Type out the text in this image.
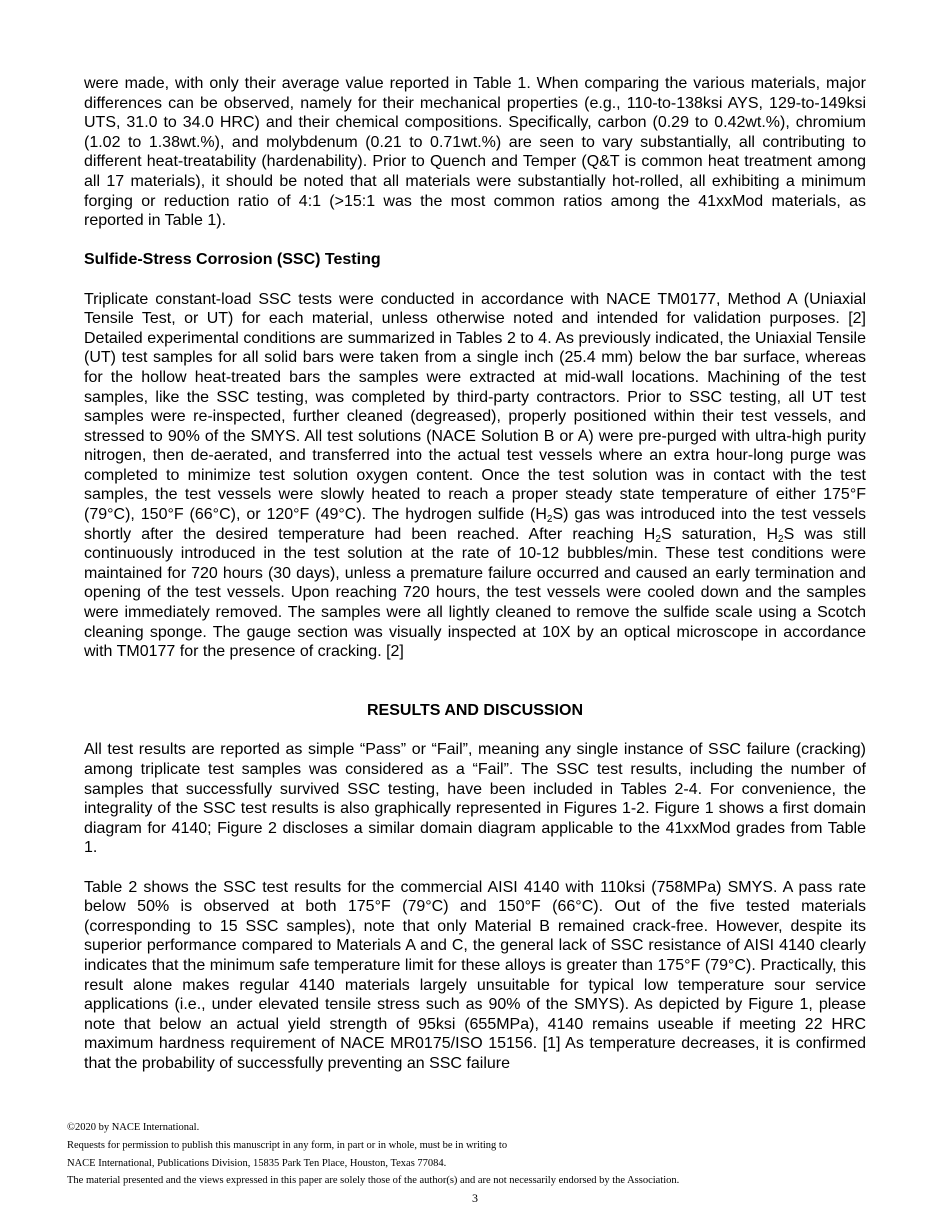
were made, with only their average value reported in Table 1. When comparing the various materials, major differences can be observed, namely for their mechanical properties (e.g., 110-to-138ksi AYS, 129-to-149ksi UTS, 31.0 to 34.0 HRC) and their chemical compositions. Specifically, carbon (0.29 to 0.42wt.%), chromium (1.02 to 1.38wt.%), and molybdenum (0.21 to 0.71wt.%) are seen to vary substantially, all contributing to different heat-treatability (hardenability). Prior to Quench and Temper (Q&T is common heat treatment among all 17 materials), it should be noted that all materials were substantially hot-rolled, all exhibiting a minimum forging or reduction ratio of 4:1 (>15:1 was the most common ratios among the 41xxMod materials, as reported in Table 1).

Sulfide-Stress Corrosion (SSC) Testing

Triplicate constant-load SSC tests were conducted in accordance with NACE TM0177, Method A (Uniaxial Tensile Test, or UT) for each material, unless otherwise noted and intended for validation purposes. [2] Detailed experimental conditions are summarized in Tables 2 to 4. As previously indicated, the Uniaxial Tensile (UT) test samples for all solid bars were taken from a single inch (25.4 mm) below the bar surface, whereas for the hollow heat-treated bars the samples were extracted at mid-wall locations. Machining of the test samples, like the SSC testing, was completed by third-party contractors. Prior to SSC testing, all UT test samples were re-inspected, further cleaned (degreased), properly positioned within their test vessels, and stressed to 90% of the SMYS. All test solutions (NACE Solution B or A) were pre-purged with ultra-high purity nitrogen, then de-aerated, and transferred into the actual test vessels where an extra hour-long purge was completed to minimize test solution oxygen content. Once the test solution was in contact with the test samples, the test vessels were slowly heated to reach a proper steady state temperature of either 175°F (79°C), 150°F (66°C), or 120°F (49°C). The hydrogen sulfide $(H_2S)$ gas was introduced into the test vessels shortly after the desired temperature had been reached. After reaching $H_2S$ saturation, $H_2S$ was still continuously introduced in the test solution at the rate of 10-12 bubbles/min. These test conditions were maintained for 720 hours (30 days), unless a premature failure occurred and caused an early termination and opening of the test vessels. Upon reaching 720 hours, the test vessels were cooled down and the samples were immediately removed. The samples were all lightly cleaned to remove the sulfide scale using a Scotch cleaning sponge. The gauge section was visually inspected at 10X by an optical microscope in accordance with TM0177 for the presence of cracking. [2]

RESULTS AND DISCUSSION

All test results are reported as simple “Pass” or “Fail”, meaning any single instance of SSC failure (cracking) among triplicate test samples was considered as a “Fail”. The SSC test results, including the number of samples that successfully survived SSC testing, have been included in Tables 2-4. For convenience, the integrality of the SSC test results is also graphically represented in Figures 1-2. Figure 1 shows a first domain diagram for 4140; Figure 2 discloses a similar domain diagram applicable to the 41xxMod grades from Table 1.

Table 2 shows the SSC test results for the commercial AISI 4140 with 110ksi (758MPa) SMYS. A pass rate below 50% is observed at both 175°F (79°C) and 150°F (66°C). Out of the five tested materials (corresponding to 15 SSC samples), note that only Material B remained crack-free. However, despite its superior performance compared to Materials A and C, the general lack of SSC resistance of AISI 4140 clearly indicates that the minimum safe temperature limit for these alloys is greater than 175°F (79°C). Practically, this result alone makes regular 4140 materials largely unsuitable for typical low temperature sour service applications (i.e., under elevated tensile stress such as 90% of the SMYS). As depicted by Figure 1, please note that below an actual yield strength of 95ksi (655MPa), 4140 remains useable if meeting 22 HRC maximum hardness requirement of NACE MR0175/ISO 15156. [1] As temperature decreases, it is confirmed that the probability of successfully preventing an SSC failure

©2020 by NACE International.
Requests for permission to publish this manuscript in any form, in part or in whole, must be in writing to
NACE International, Publications Division, 15835 Park Ten Place, Houston, Texas 77084.
The material presented and the views expressed in this paper are solely those of the author(s) and are not necessarily endorsed by the Association.
3
